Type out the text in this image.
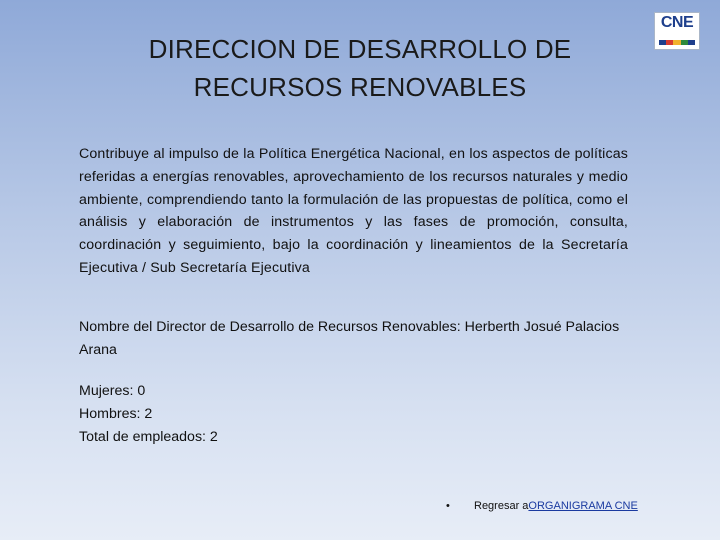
DIRECCION DE DESARROLLO DE
RECURSOS RENOVABLES
CNE
Contribuye al impulso de la Política Energética Nacional, en los aspectos de políticas referidas a energías renovables, aprovechamiento de los recursos naturales y medio ambiente, comprendiendo tanto la formulación de las propuestas de política, como el análisis y elaboración de instrumentos y las fases de promoción, consulta, coordinación y seguimiento, bajo la coordinación y lineamientos de la Secretaría Ejecutiva / Sub Secretaría Ejecutiva
Nombre del Director de Desarrollo de Recursos Renovables: Herberth Josué Palacios Arana
Mujeres: 0
Hombres: 2
Total de empleados: 2
•	Regresar a ORGANIGRAMA CNE
